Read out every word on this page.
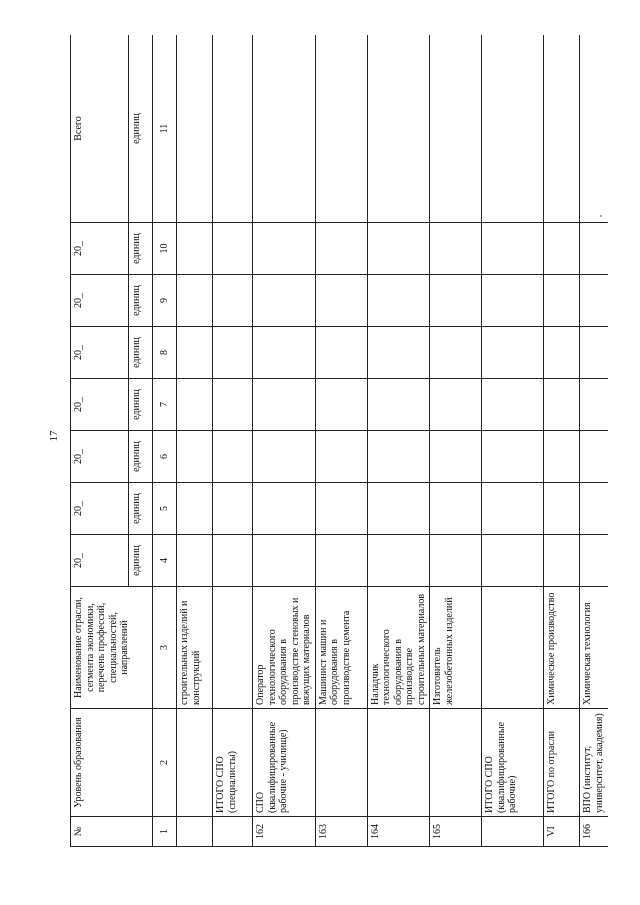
17
№	Уровень образования	Наименование отрасли, сегмента экономики, перечень профессий, специальностей, направлений	20_	20_	20_	20_	20_	20_	20_	Всего
			единиц	единиц	единиц	единиц	единиц	единиц	единиц	единиц
1	2	3	4	5	6	7	8	9	10	11
		строительных изделий и конструкций								
	ИТОГО СПО (специалисты)									
162	СПО (квалифицированные рабочие - училище)	Оператор технологического оборудования в производстве стеновых и вяжущих материалов								
163		Машинист машин и оборудования в производстве цемента								
164		Наладчик технологического оборудования в производстве строительных материалов								
165		Изготовитель железобетонных изделий								
	ИТОГО СПО (квалифицированные рабочие)									
VI	ИТОГО по отрасли	Химическое производство								
166	ВПО (институт, университет, академия)	Химическая технология								
